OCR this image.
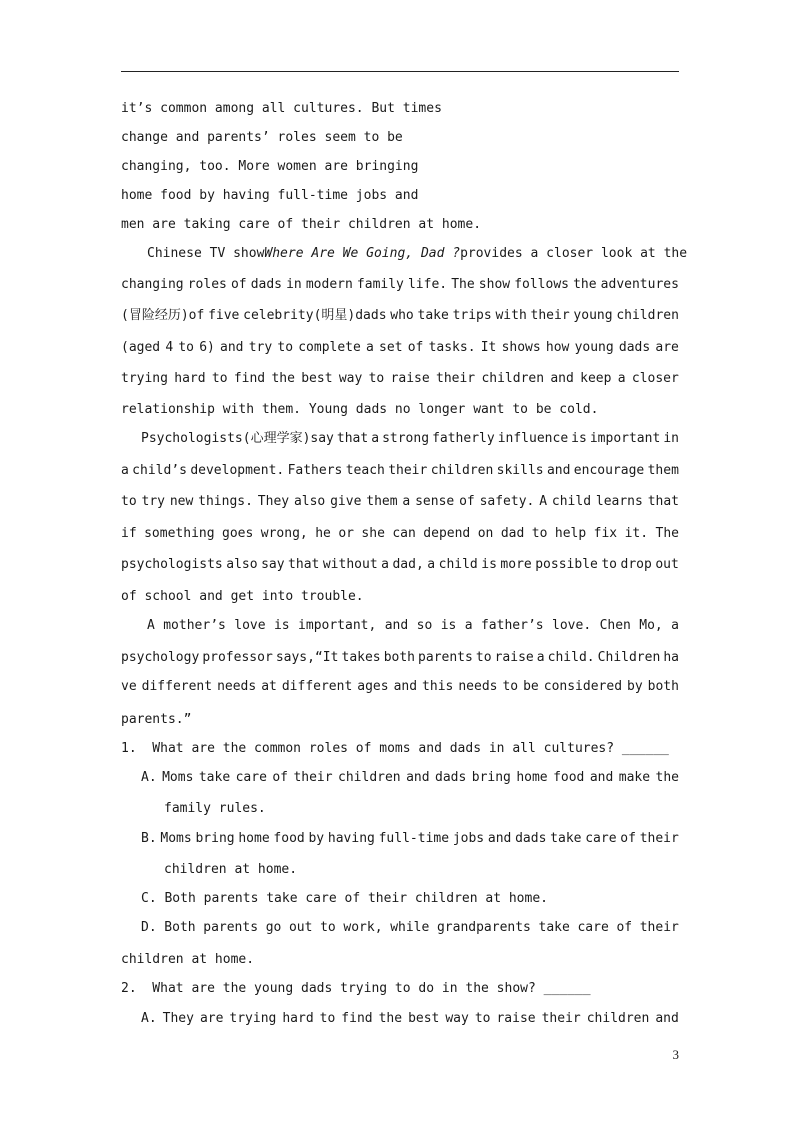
it’s common among all cultures. But times
change and parents’ roles seem to be
changing, too. More women are bringing
home food by having full-time jobs and
men are taking care of their children at home.
Chinese TV show Where Are We Going, Dad ? provides a closer look at the
changing roles of dads in modern family life. The show follows the adventures
(冒险经历)of five celebrity(明星)dads who take trips with their young children
(aged 4 to 6) and try to complete a set of tasks. It shows how young dads are
trying hard to find the best way to raise their children and keep a closer
relationship with them. Young dads no longer want to be cold.
Psychologists(心理学家)say that a strong fatherly influence is important in
a child’s development. Fathers teach their children skills and encourage them
to try new things. They also give them a sense of safety. A child learns that
if something goes wrong, he or she can depend on dad to help fix it. The
psychologists also say that without a dad, a child is more possible to drop out
of school and get into trouble.
A mother’s love is important, and so is a father’s love. Chen Mo, a
psychology professor says,“It takes both parents to raise a child. Children ha
ve different needs at different ages and this needs to be considered by both
parents.”
1.  What are the common roles of moms and dads in all cultures? ______
A. Moms take care of their children and dads bring home food and make the
family rules.
B. Moms bring home food by having full-time jobs and dads take care of their
children at home.
C. Both parents take care of their children at home.
D. Both parents go out to work, while grandparents take care of their
children at home.
2.  What are the young dads trying to do in the show? ______
A. They are trying hard to find the best way to raise their children and
3
